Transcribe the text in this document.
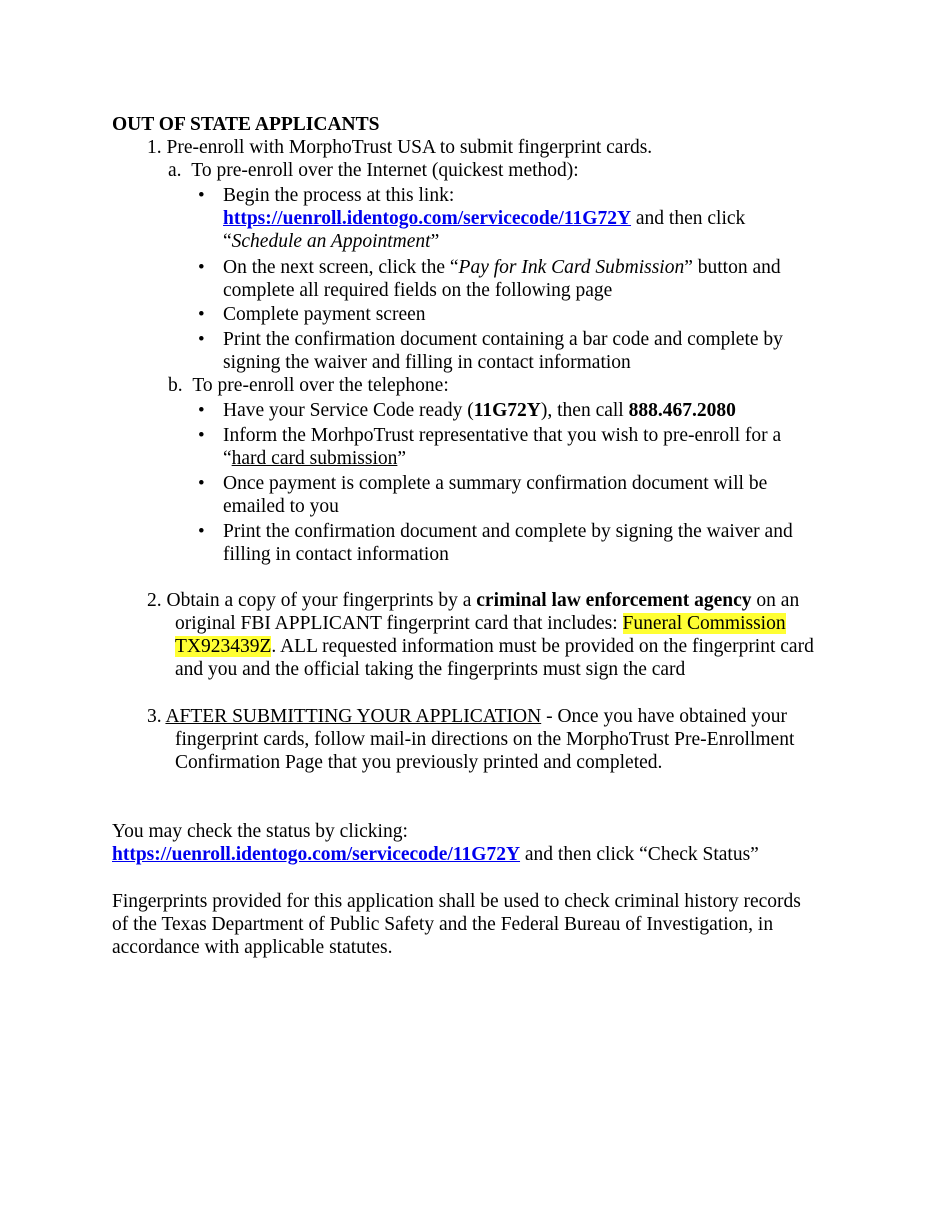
OUT OF STATE APPLICANTS
1. Pre-enroll with MorphoTrust USA to submit fingerprint cards.
a. To pre-enroll over the Internet (quickest method):
• Begin the process at this link:
https://uenroll.identogo.com/servicecode/11G72Y and then click
“Schedule an Appointment”
• On the next screen, click the “Pay for Ink Card Submission” button and
complete all required fields on the following page
• Complete payment screen
• Print the confirmation document containing a bar code and complete by
signing the waiver and filling in contact information
b. To pre-enroll over the telephone:
• Have your Service Code ready (11G72Y), then call 888.467.2080
• Inform the MorhpoTrust representative that you wish to pre-enroll for a
“hard card submission”
• Once payment is complete a summary confirmation document will be
emailed to you
• Print the confirmation document and complete by signing the waiver and
filling in contact information
2. Obtain a copy of your fingerprints by a criminal law enforcement agency on an
original FBI APPLICANT fingerprint card that includes: Funeral Commission
TX923439Z. ALL requested information must be provided on the fingerprint card
and you and the official taking the fingerprints must sign the card
3. AFTER SUBMITTING YOUR APPLICATION - Once you have obtained your
fingerprint cards, follow mail-in directions on the MorphoTrust Pre-Enrollment
Confirmation Page that you previously printed and completed.
You may check the status by clicking:
https://uenroll.identogo.com/servicecode/11G72Y and then click “Check Status”
Fingerprints provided for this application shall be used to check criminal history records
of the Texas Department of Public Safety and the Federal Bureau of Investigation, in
accordance with applicable statutes.
